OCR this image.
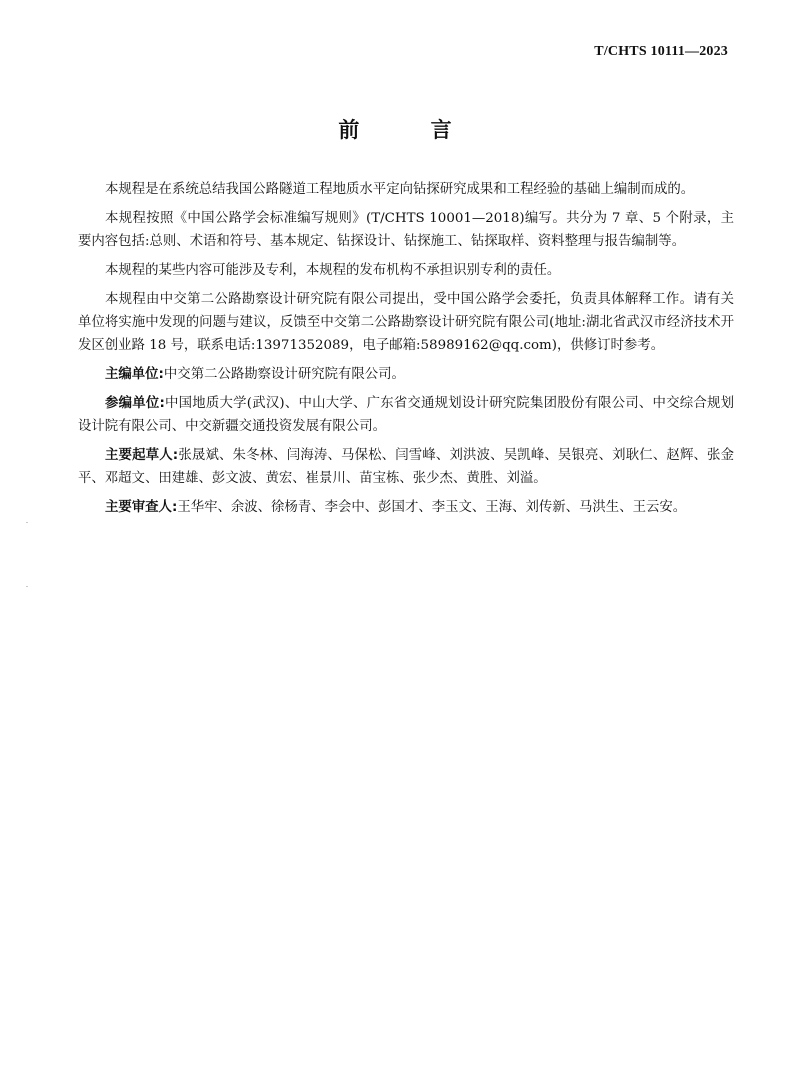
T/CHTS 10111—2023
前 言

本规程是在系统总结我国公路隧道工程地质水平定向钻探研究成果和工程经验的基础上编制而成的。

本规程按照《中国公路学会标准编写规则》(T/CHTS 10001—2018)编写。共分为 7 章、5 个附录，主要内容包括:总则、术语和符号、基本规定、钻探设计、钻探施工、钻探取样、资料整理与报告编制等。

本规程的某些内容可能涉及专利，本规程的发布机构不承担识别专利的责任。

本规程由中交第二公路勘察设计研究院有限公司提出，受中国公路学会委托，负责具体解释工作。请有关单位将实施中发现的问题与建议，反馈至中交第二公路勘察设计研究院有限公司(地址:湖北省武汉市经济技术开发区创业路 18 号，联系电话:13971352089，电子邮箱:58989162@qq.com)，供修订时参考。

主编单位:中交第二公路勘察设计研究院有限公司。

参编单位:中国地质大学(武汉)、中山大学、广东省交通规划设计研究院集团股份有限公司、中交综合规划设计院有限公司、中交新疆交通投资发展有限公司。

主要起草人:张晟斌、朱冬林、闫海涛、马保松、闫雪峰、刘洪波、吴凯峰、吴银亮、刘耿仁、赵辉、张金平、邓超文、田建雄、彭文波、黄宏、崔景川、苗宝栋、张少杰、黄胜、刘溢。

主要审查人:王华牢、余波、徐杨青、李会中、彭国才、李玉文、王海、刘传新、马洪生、王云安。
